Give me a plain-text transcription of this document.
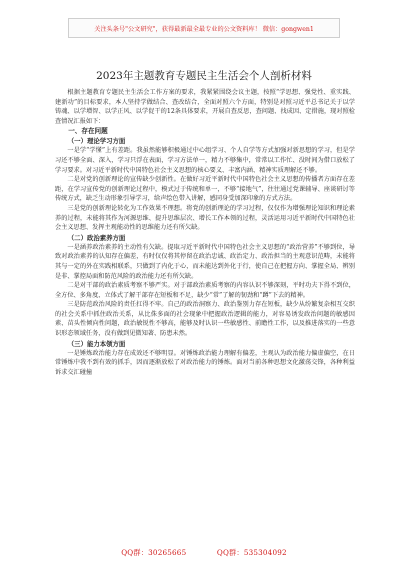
关注头条号"公文研究"，获得最新最全最专业的公文资料库！ 微信：gongwen1
2023年主题教育专题民主生活会个人剖析材料

根据主题教育专题民主生活会工作方案的要求，我紧紧围绕会议主题，按照“学思想、强党性、重实践、建新功”的目标要求，本人坚持学做结合、查改结合，全面对照六个方面，特别是对照习近平总书记关于以学铸魂、以学增智、以学正风、以学促干的12条具体要求，开展自查反思，查问题、找成因、定措施，现对照检查情况汇报如下：

一、存在问题
（一）理论学习方面

一是学“学懂”上有差距。我虽然能够积极通过中心组学习、个人自学等方式加强对新思想的学习，但是学习还不够全面、深入，学习只浮在表面，学习方法单一，精力不够集中，常常以工作忙、没时间为借口放松了学习要求。对习近平新时代中国特色社会主义思想的核心要义、丰富内涵、精神实质理解还不够。

二是对党的创新理论的宣传缺少创新性。在做好习近平新时代中国特色社会主义思想的传播者方面存在差距，在学习宣传党的创新理论过程中，模式过于传统和单一，不够“接地气”，往往通过党课辅导、座谈研讨等传统方式，缺乏生动形象引导学习，给声绘色带入讲解，感同身受加深印象的方式方法。

三是党的创新理论转化为工作效果不理想。将党的创新理论的学习过程，仅仅作为增强理论知识和理论素养的过程，未能将其作为河源思维、提升思维层次、增长工作本领的过程，灵活运用习近平新时代中国特色社会主义思想、发挥主观能动性的思维能力还有所欠缺。

（二）政治素养方面

一是涵养政治素养的主动性有欠缺。提取习近平新时代中国特色社会主义思想的“政治营养”不够到位，导致对政治素养的认知存在偏差，有时仅仅将其停留在政治忠诚、政治定力、政治担当的主观意识范畴，未能将其与一定的外在实践相联系，只做到了内化于心，而未能达到外化于行，使自己在把握方向、掌握全局、辨别是非、掌控局面和防范风险的政治能力还有所欠缺。

二是对干部的政治素质考察不够严实。对于部政治素质考察的内容认识不够深刻，平时功夫下得不到位，全方位、多角度、立体式了解干部存在短板和不足，缺少“常”了解的韧劲和“蹲”下去的精神。

三是防范政治风险的责任扛得不牢。自己的政治洞察力、政治鉴别力存在短板，缺少从纷繁复杂相互交织的社会关系中抓住政治关系，从比侏多面的社会现象中把握政治逻辑的能力，对容易诱发政治问题的敏感因素、苗头性倾向性问题，政治敏锐性不够高，能够及时认识一些敏感性、前瞻性工作，以及推进落实的一些意识形态领域任务，没有做到见微知著、防患未然。

（三）能力本领方面

一是锤炼政治能力存在成效还不够明显。对锤炼政治能力理解有偏差，主观认为政治能力偏虚偏空，在日常锤炼中我不到有效的抓手，因而逐渐放松了对政治能力的锤炼。面对当前各种思想文化激荡交锋，各种利益诉求交汇碰撞

QQ群：30265665	QQ群：535304092
